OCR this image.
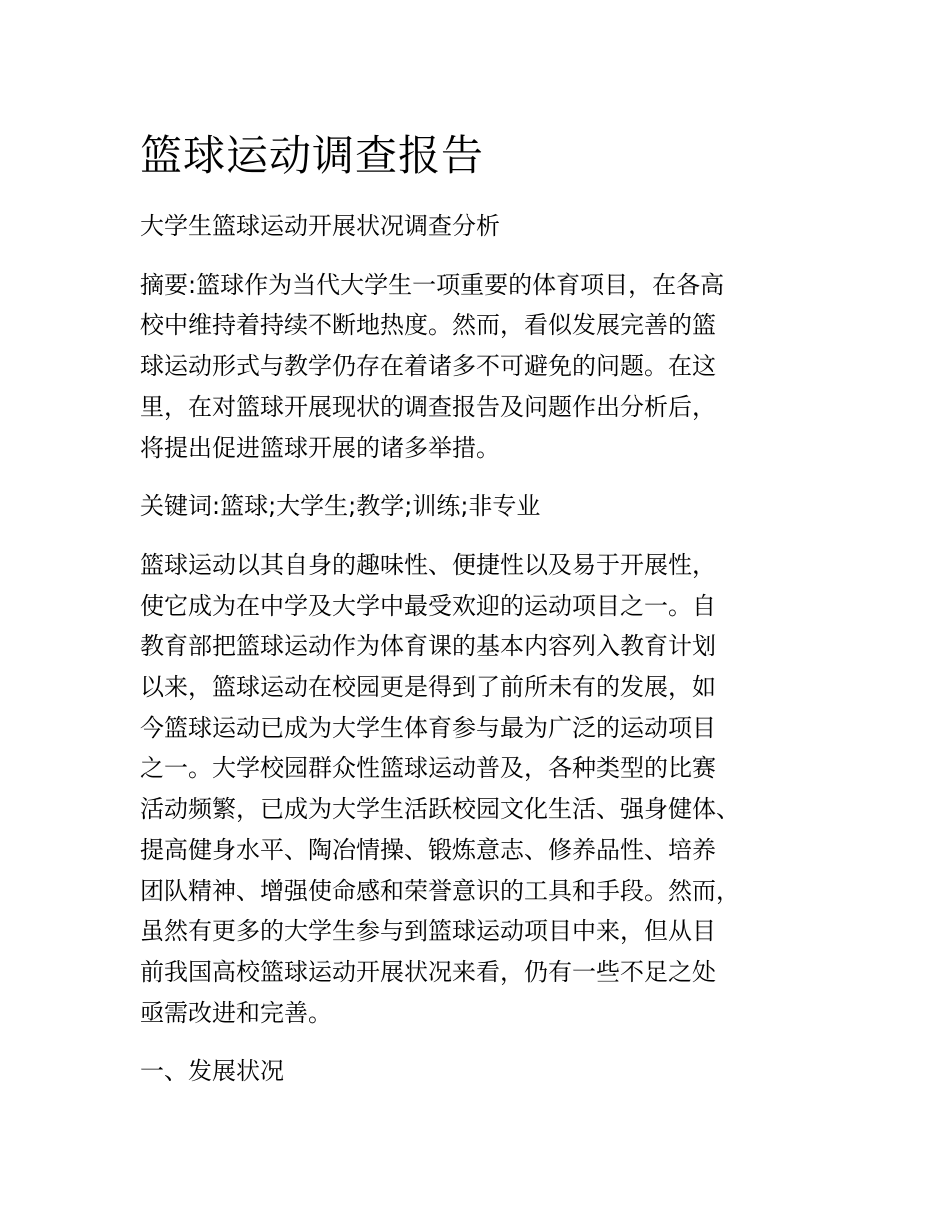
篮球运动调查报告

大学生篮球运动开展状况调查分析

摘要:篮球作为当代大学生一项重要的体育项目，在各高

校中维持着持续不断地热度。然而，看似发展完善的篮

球运动形式与教学仍存在着诸多不可避免的问题。在这

里，在对篮球开展现状的调查报告及问题作出分析后，

将提出促进篮球开展的诸多举措。

关键词:篮球;大学生;教学;训练;非专业

篮球运动以其自身的趣味性、便捷性以及易于开展性，

使它成为在中学及大学中最受欢迎的运动项目之一。自

教育部把篮球运动作为体育课的基本内容列入教育计划

以来，篮球运动在校园更是得到了前所未有的发展，如

今篮球运动已成为大学生体育参与最为广泛的运动项目

之一。大学校园群众性篮球运动普及，各种类型的比赛

活动频繁，已成为大学生活跃校园文化生活、强身健体、

提高健身水平、陶冶情操、锻炼意志、修养品性、培养

团队精神、增强使命感和荣誉意识的工具和手段。然而，

虽然有更多的大学生参与到篮球运动项目中来，但从目

前我国高校篮球运动开展状况来看，仍有一些不足之处

亟需改进和完善。

一、发展状况
